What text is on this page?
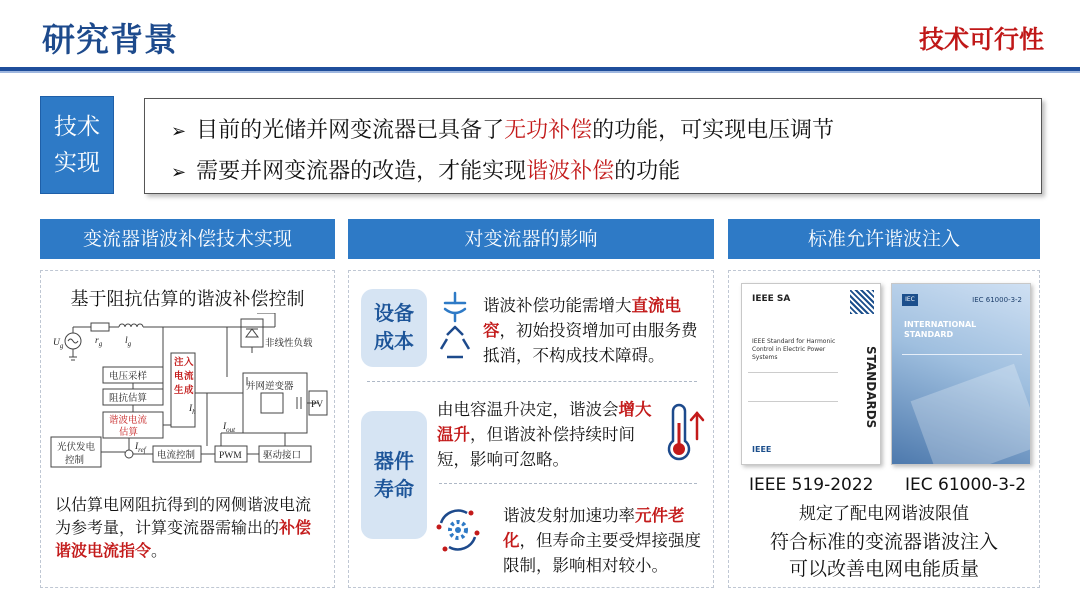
研究背景	技术可行性
技术
实现
➢ 目前的光储并网变流器已具备了无功补偿的功能，可实现电压调节
➢ 需要并网变流器的改造，才能实现谐波补偿的功能
变流器谐波补偿技术实现	对变流器的影响	标准允许谐波注入
基于阻抗估算的谐波补偿控制
$U_g$	$r_g$ $l_g$	非线性负载
电压采样
阻抗估算
谐波电流
估算
注 入
电 流
生 成
$I_h$
$I_{out}$
$I_{ref}$
并网逆变器
PV
光伏发电
控制	电流控制	PWM 驱动接口
以估算电网阻抗得到的网侧谐波电流为参考量，计算变流器需输出的补偿谐波电流指令。
设备
成本
谐波补偿功能需增大直流电容，初始投资增加可由服务费抵消，不构成技术障碍。
器件
寿命
由电容温升决定，谐波会增大温升，但谐波补偿持续时间短，影响可忽略。
谐波发射加速功率元件老化，但寿命主要受焊接强度限制，影响相对较小。
IEEE SA
IEEE Standard for Harmonic
Control in Electric Power Systems	STANDARDS
IEEE
IEC	IEC 61000-3-2
INTERNATIONAL
STANDARD
IEEE 519-2022 IEC 61000-3-2
规定了配电网谐波限值
符合标准的变流器谐波注入
可以改善电网电能质量
